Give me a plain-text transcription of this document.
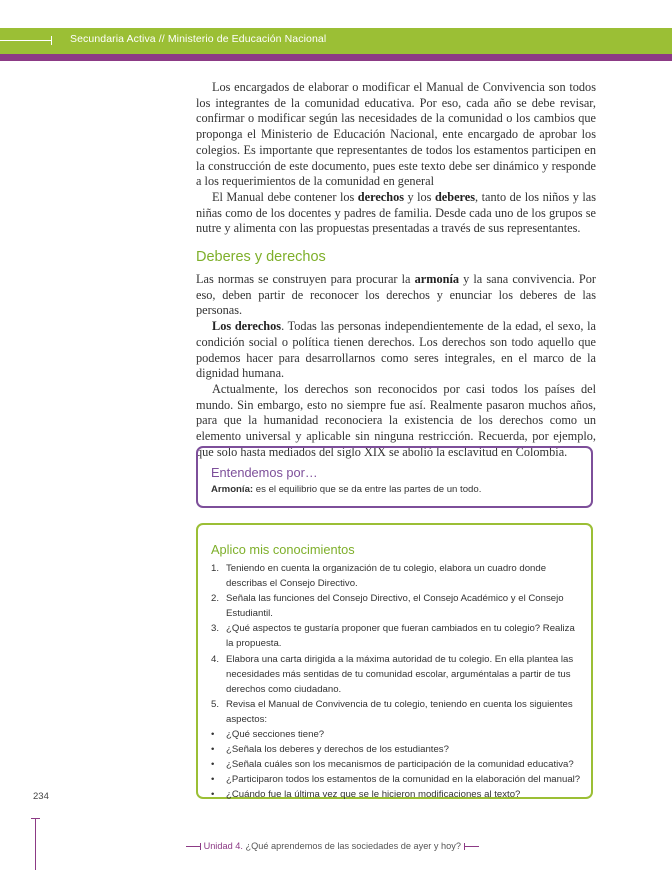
Secundaria Activa // Ministerio de Educación Nacional

Los encargados de elaborar o modificar el Manual de Convivencia son todos los integrantes de la comunidad educativa. Por eso, cada año se debe revisar, confirmar o modificar según las necesidades de la comunidad o los cambios que proponga el Ministerio de Educación Nacional, ente encargado de aprobar los colegios. Es importante que representantes de todos los estamentos participen en la construcción de este documento, pues este texto debe ser dinámico y responde a los requerimientos de la comunidad en general

El Manual debe contener los derechos y los deberes, tanto de los niños y las niñas como de los docentes y padres de familia. Desde cada uno de los grupos se nutre y alimenta con las propuestas presentadas a través de sus representantes.

Deberes y derechos

Las normas se construyen para procurar la armonía y la sana convivencia. Por eso, deben partir de reconocer los derechos y enunciar los deberes de las personas.

Los derechos. Todas las personas independientemente de la edad, el sexo, la condición social o política tienen derechos. Los derechos son todo aquello que podemos hacer para desarrollarnos como seres integrales, en el marco de la dignidad humana.

Actualmente, los derechos son reconocidos por casi todos los países del mundo. Sin embargo, esto no siempre fue así. Realmente pasaron muchos años, para que la humanidad reconociera la existencia de los derechos como un elemento universal y aplicable sin ninguna restricción. Recuerda, por ejemplo, que solo hasta mediados del siglo XIX se abolió la esclavitud en Colombia.

Entendemos por…
Armonía: es el equilibrio que se da entre las partes de un todo.
Aplico mis conocimientos
1. Teniendo en cuenta la organización de tu colegio, elabora un cuadro donde describas el Consejo Directivo.
2. Señala las funciones del Consejo Directivo, el Consejo Académico y el Consejo Estudiantil.
3. ¿Qué aspectos te gustaría proponer que fueran cambiados en tu colegio? Realiza la propuesta.
4. Elabora una carta dirigida a la máxima autoridad de tu colegio. En ella plantea las necesidades más sentidas de tu comunidad escolar, arguméntalas a partir de tus derechos como ciudadano.
5. Revisa el Manual de Convivencia de tu colegio, teniendo en cuenta los siguientes aspectos:
• ¿Qué secciones tiene?
• ¿Señala los deberes y derechos de los estudiantes?
• ¿Señala cuáles son los mecanismos de participación de la comunidad educativa?
• ¿Participaron todos los estamentos de la comunidad en la elaboración del manual?
• ¿Cuándo fue la última vez que se le hicieron modificaciones al texto?
234
Unidad 4. ¿Qué aprendemos de las sociedades de ayer y hoy?
